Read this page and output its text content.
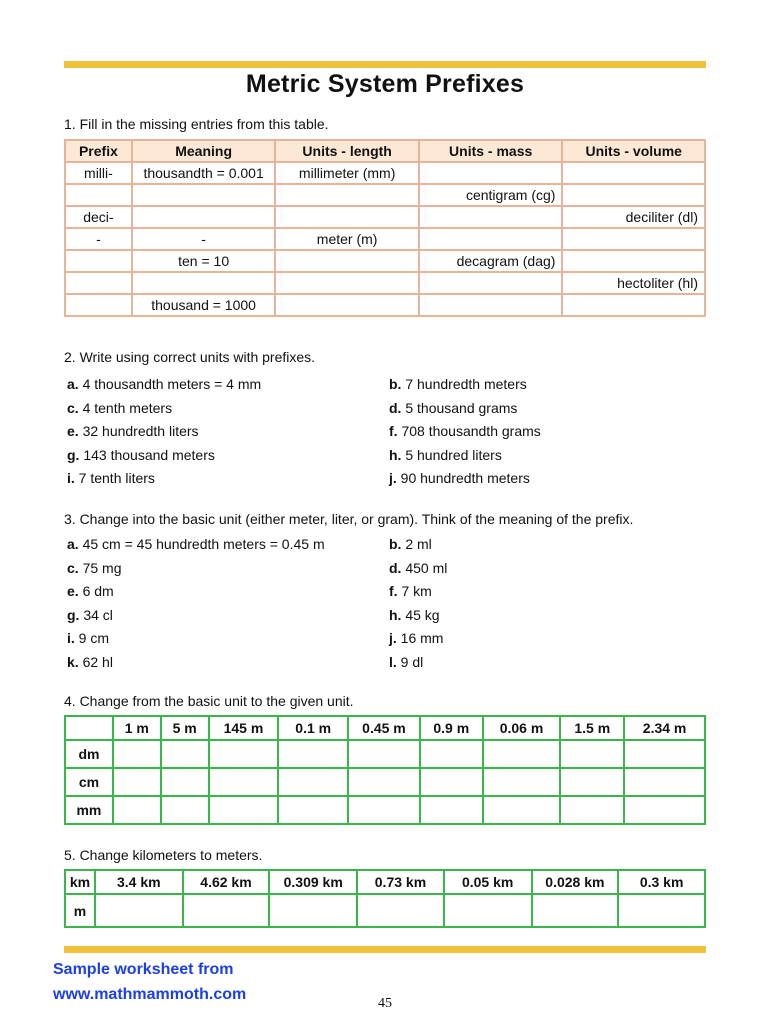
Metric System Prefixes
1. Fill in the missing entries from this table.
Prefix	Meaning	Units - length	Units - mass	Units - volume
milli-	thousandth = 0.001	millimeter (mm)		
			centigram (cg)	
deci-				deciliter (dl)
-	-	meter (m)		
	ten = 10		decagram (dag)	
				hectoliter (hl)
	thousand = 1000			
2. Write using correct units with prefixes.
a. 4 thousandth meters = 4 mm	b. 7 hundredth meters
c. 4 tenth meters	d. 5 thousand grams
e. 32 hundredth liters	f. 708 thousandth grams
g. 143 thousand meters	h. 5 hundred liters
i. 7 tenth liters	j. 90 hundredth meters
3. Change into the basic unit (either meter, liter, or gram). Think of the meaning of the prefix.
a. 45 cm = 45 hundredth meters = 0.45 m	b. 2 ml
c. 75 mg	d. 450 ml
e. 6 dm	f. 7 km
g. 34 cl	h. 45 kg
i. 9 cm	j. 16 mm
k. 62 hl	l. 9 dl
4. Change from the basic unit to the given unit.
	1 m	5 m	145 m	0.1 m	0.45 m	0.9 m	0.06 m	1.5 m	2.34 m
dm									
cm									
mm									
5. Change kilometers to meters.
km	3.4 km	4.62 km	0.309 km	0.73 km	0.05 km	0.028 km	0.3 km
m							
Sample worksheet from
www.mathmammoth.com
45
